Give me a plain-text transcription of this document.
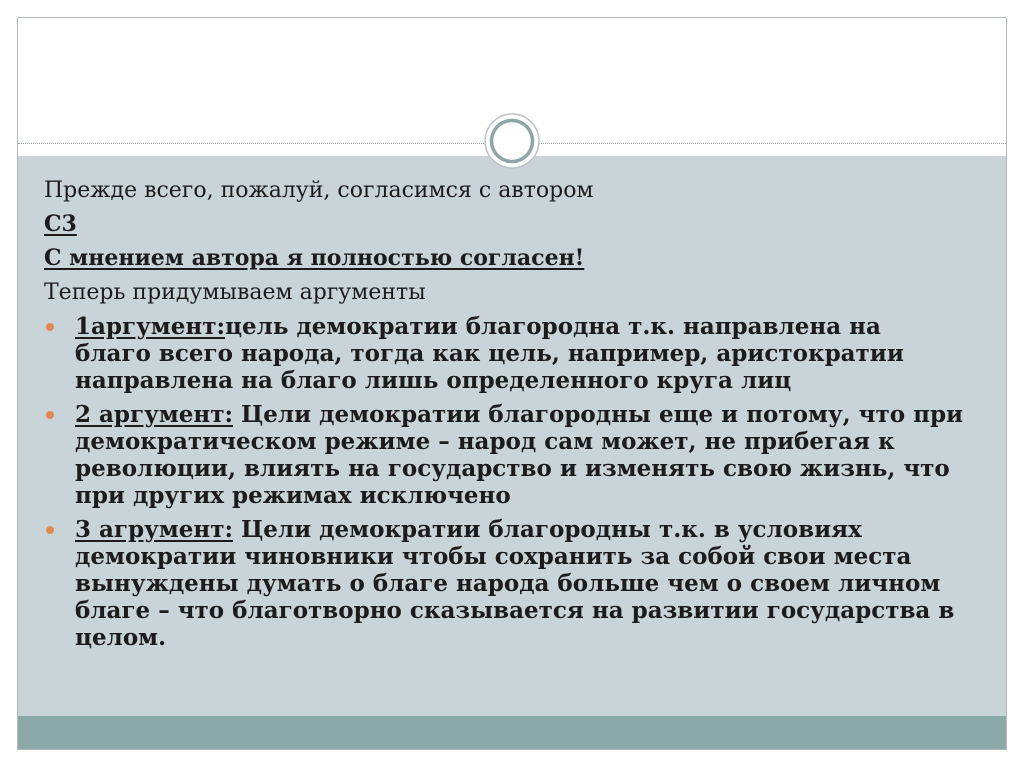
Прежде всего, пожалуй, согласимся с автором

С3

С мнением автора я полностью согласен!

Теперь придумываем аргументы

1аргумент:цель демократии благородна т.к. направлена на
благо всего народа, тогда как цель, например, аристократии
направлена на благо лишь определенного круга лиц
2 аргумент: Цели демократии благородны еще и потому, что при
демократическом режиме – народ сам может, не прибегая к
революции, влиять на государство и изменять свою жизнь, что
при других режимах исключено
3 агрумент: Цели демократии благородны т.к. в условиях
демократии чиновники чтобы сохранить за собой свои места
вынуждены думать о благе народа больше чем о своем личном
благе – что благотворно сказывается на развитии государства в
целом.
